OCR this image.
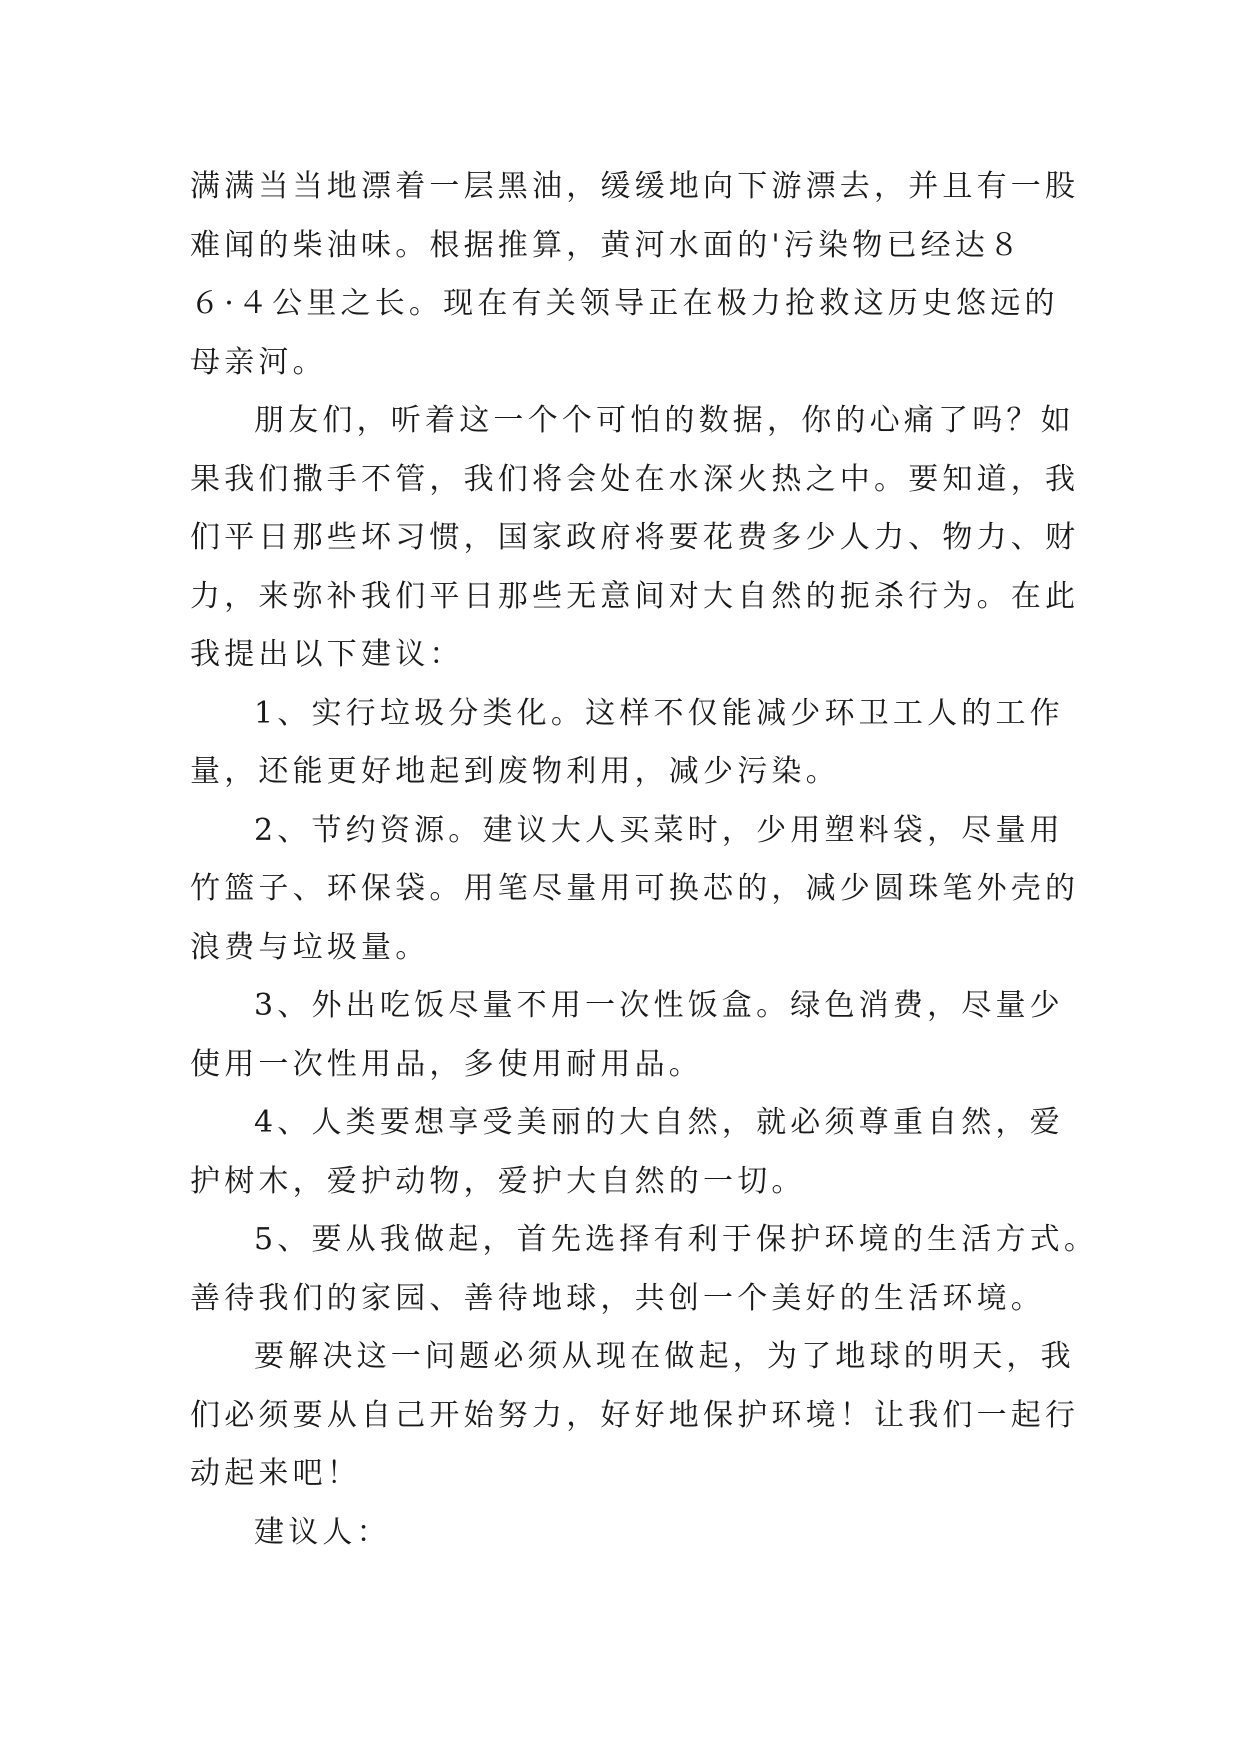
满满当当地漂着一层黑油，缓缓地向下游漂去，并且有一股
难闻的柴油味。根据推算，黄河水面的'污染物已经达８
６·４公里之长。现在有关领导正在极力抢救这历史悠远的
母亲河。

朋友们，听着这一个个可怕的数据，你的心痛了吗？如
果我们撒手不管，我们将会处在水深火热之中。要知道，我
们平日那些坏习惯，国家政府将要花费多少人力、物力、财
力，来弥补我们平日那些无意间对大自然的扼杀行为。在此
我提出以下建议：

1、实行垃圾分类化。这样不仅能减少环卫工人的工作
量，还能更好地起到废物利用，减少污染。

2、节约资源。建议大人买菜时，少用塑料袋，尽量用
竹篮子、环保袋。用笔尽量用可换芯的，减少圆珠笔外壳的
浪费与垃圾量。

3、外出吃饭尽量不用一次性饭盒。绿色消费，尽量少
使用一次性用品，多使用耐用品。

4、人类要想享受美丽的大自然，就必须尊重自然，爱
护树木，爱护动物，爱护大自然的一切。

5、要从我做起，首先选择有利于保护环境的生活方式。
善待我们的家园、善待地球，共创一个美好的生活环境。

要解决这一问题必须从现在做起，为了地球的明天，我
们必须要从自己开始努力，好好地保护环境！让我们一起行
动起来吧！

建议人：
